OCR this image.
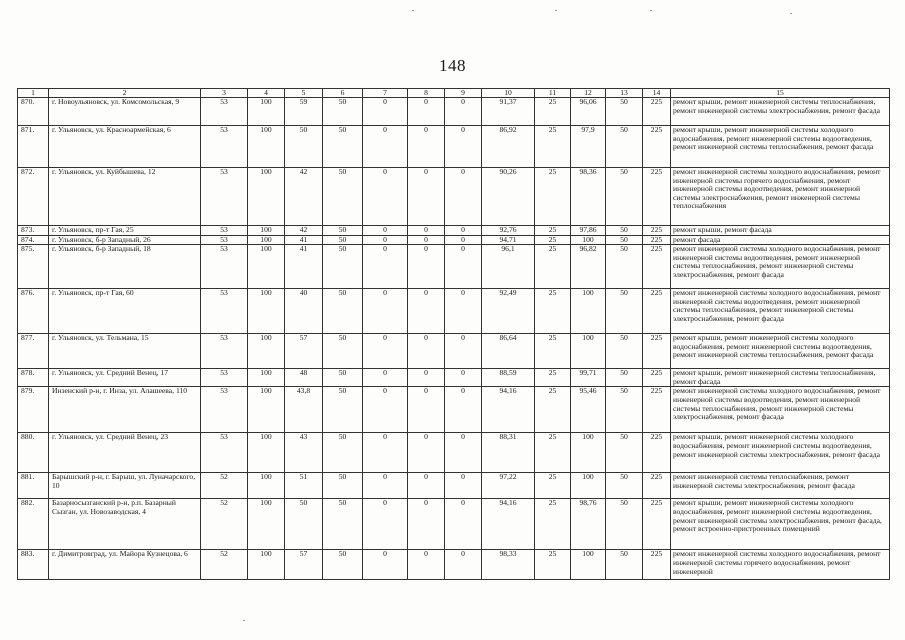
148
1	2	3	4	5	6	7	8	9	10	11	12	13	14	15
870.	г. Новоульяновск, ул. Комсомольская, 9	53	100	59	50	0	0	0	91,37	25	96,06	50	225	ремонт крыши, ремонт инженерной системы теплоснабжения, ремонт инженерной системы электроснабжения, ремонт фасада
871.	г. Ульяновск, ул. Красноармейская, 6	53	100	50	50	0	0	0	86,92	25	97,9	50	225	ремонт крыши, ремонт инженерной системы холодного водоснабжения, ремонт инженерной системы водоотведения, ремонт инженерной системы теплоснабжения, ремонт фасада
872.	г. Ульяновск, ул. Куйбышева, 12	53	100	42	50	0	0	0	90,26	25	98,36	50	225	ремонт инженерной системы холодного водоснабжения, ремонт инженерной системы горячего водоснабжения, ремонт инженерной системы водоотведения, ремонт инженерной системы электроснабжения, ремонт инженерной системы теплоснабжения
873.	г. Ульяновск, пр-т Гая, 25	53	100	42	50	0	0	0	92,76	25	97,86	50	225	ремонт крыши, ремонт фасада
874.	г. Ульяновск, б-р Западный, 26	53	100	41	50	0	0	0	94,71	25	100	50	225	ремонт фасада
875.	г. Ульяновск, б-р Западный, 18	53	100	41	50	0	0	0	96,1	25	96,82	50	225	ремонт инженерной системы холодного водоснабжения, ремонт инженерной системы водоотведения, ремонт инженерной системы теплоснабжения, ремонт инженерной системы электроснабжения, ремонт фасада
876.	г. Ульяновск, пр-т Гая, 60	53	100	40	50	0	0	0	92,49	25	100	50	225	ремонт инженерной системы холодного водоснабжения, ремонт инженерной системы водоотведения, ремонт инженерной системы теплоснабжения, ремонт инженерной системы электроснабжения, ремонт фасада
877.	г. Ульяновск, ул. Тельмана, 15	53	100	57	50	0	0	0	86,64	25	100	50	225	ремонт крыши, ремонт инженерной системы холодного водоснабжения, ремонт инженерной системы водоотведения, ремонт инженерной системы теплоснабжения, ремонт фасада
878.	г. Ульяновск, ул. Средний Венец, 17	53	100	48	50	0	0	0	88,59	25	99,71	50	225	ремонт крыши, ремонт инженерной системы теплоснабжения, ремонт фасада
879.	Инзенский р-н, г. Инза, ул. Алашеева, 110	53	100	43,8	50	0	0	0	94,16	25	95,46	50	225	ремонт инженерной системы холодного водоснабжения, ремонт инженерной системы водоотведения, ремонт инженерной системы теплоснабжения, ремонт инженерной системы электроснабжения, ремонт фасада
880.	г. Ульяновск, ул. Средний Венец, 23	53	100	43	50	0	0	0	88,31	25	100	50	225	ремонт крыши, ремонт инженерной системы холодного водоснабжения, ремонт инженерной системы водоотведения, ремонт инженерной системы электроснабжения, ремонт фасада
881.	Барышский р-н, г. Барыш, ул. Луначарского, 10	52	100	51	50	0	0	0	97,22	25	100	50	225	ремонт инженерной системы теплоснабжения, ремонт инженерной системы электроснабжения, ремонт фасада
882.	Базарносызганский р-н, р.п. Базарный Сызган, ул. Новозаводская, 4	52	100	50	50	0	0	0	94,16	25	98,76	50	225	ремонт крыши, ремонт инженерной системы холодного водоснабжения, ремонт инженерной системы водоотведения, ремонт инженерной системы электроснабжения, ремонт фасада, ремонт встроенно-пристроенных помещений
883.	г. Димитровград, ул. Майора Кузнецова, 6	52	100	57	50	0	0	0	98,33	25	100	50	225	ремонт инженерной системы холодного водоснабжения, ремонт инженерной системы горячего водоснабжения, ремонт инженерной
